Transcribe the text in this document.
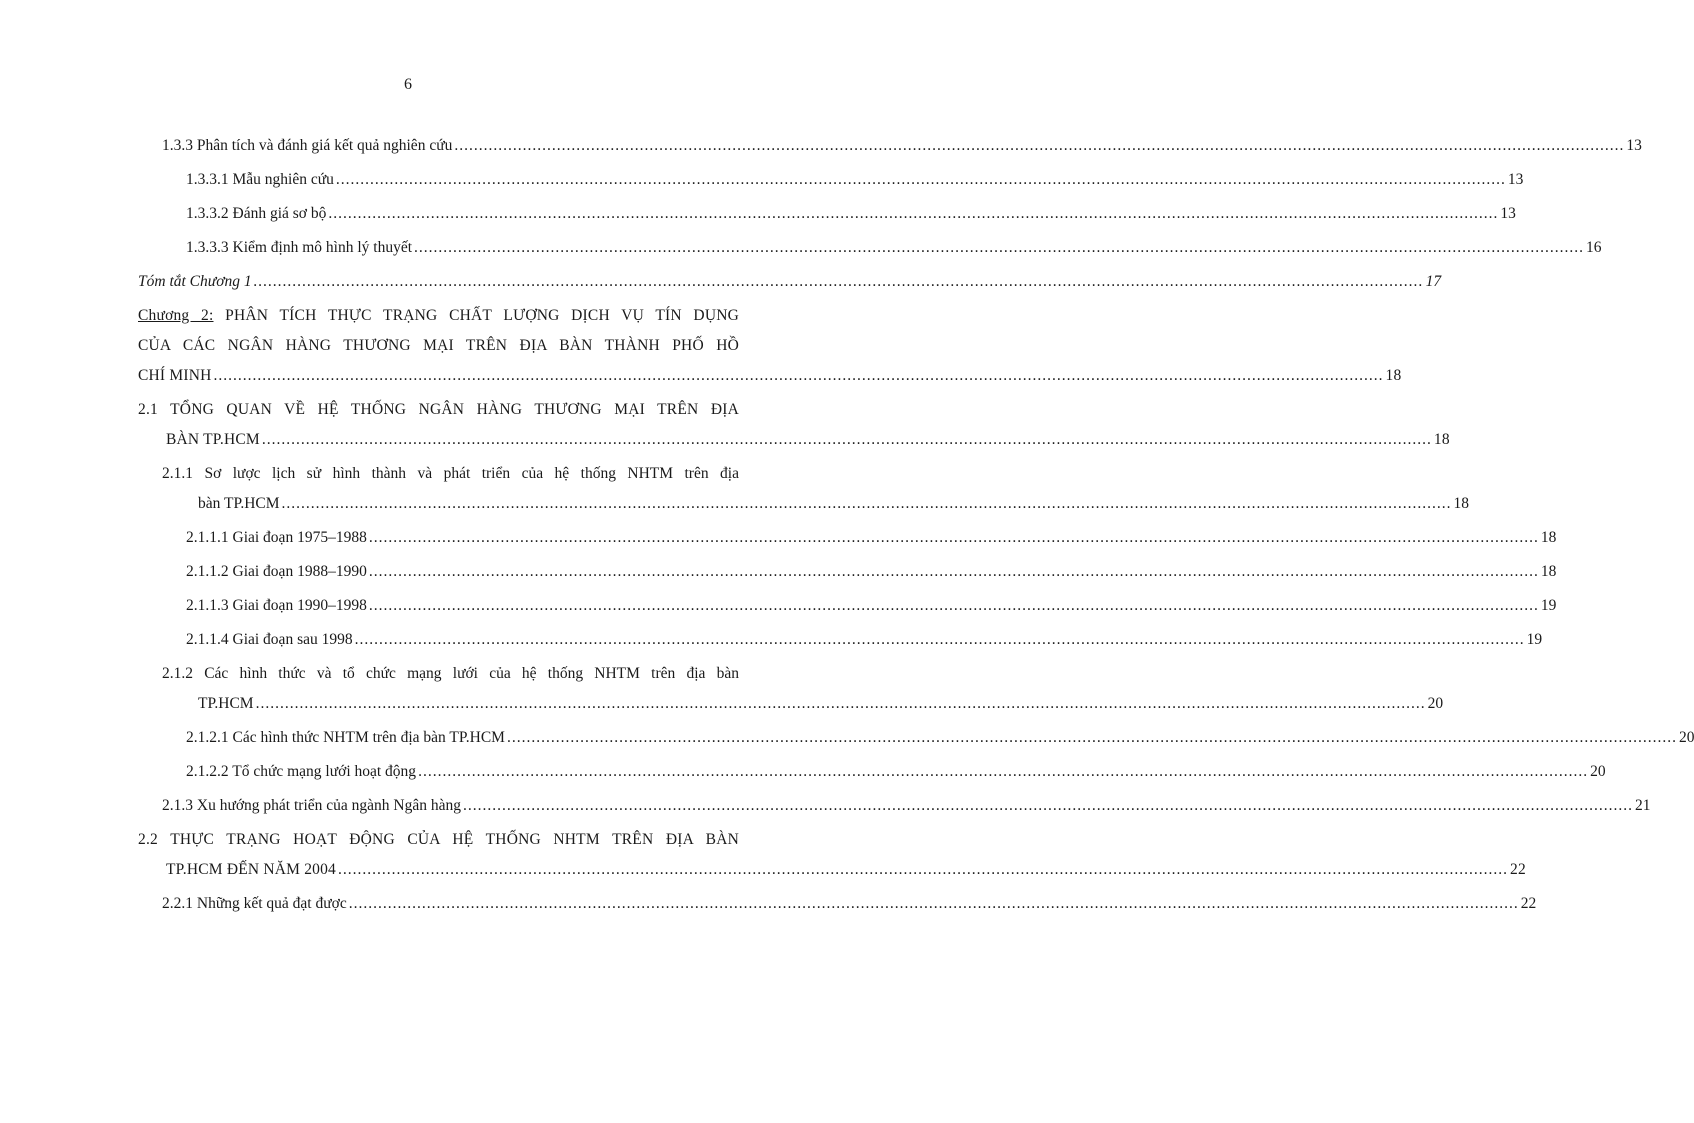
6
1.3.3 Phân tích và đánh giá kết quả nghiên cứu ................................................................................................................................................................................................................................................ 13
1.3.3.1 Mẫu nghiên cứu ................................................................................................................................................................................................................................................ 13
1.3.3.2 Đánh giá sơ bộ ................................................................................................................................................................................................................................................ 13
1.3.3.3 Kiểm định mô hình lý thuyết ................................................................................................................................................................................................................................................ 16
Tóm tắt Chương 1 ................................................................................................................................................................................................................................................ 17
Chương 2: PHÂN TÍCH THỰC TRẠNG CHẤT LƯỢNG DỊCH VỤ TÍN DỤNG
CỦA CÁC NGÂN HÀNG THƯƠNG MẠI TRÊN ĐỊA BÀN THÀNH PHỐ HỒ
CHÍ MINH ................................................................................................................................................................................................................................................ 18
2.1 TỔNG QUAN VỀ HỆ THỐNG NGÂN HÀNG THƯƠNG MẠI TRÊN ĐỊA
BÀN TP.HCM ................................................................................................................................................................................................................................................ 18
2.1.1 Sơ lược lịch sử hình thành và phát triển của hệ thống NHTM trên địa
bàn TP.HCM ................................................................................................................................................................................................................................................ 18
2.1.1.1 Giai đoạn 1975–1988 ................................................................................................................................................................................................................................................ 18
2.1.1.2 Giai đoạn 1988–1990 ................................................................................................................................................................................................................................................ 18
2.1.1.3 Giai đoạn 1990–1998 ................................................................................................................................................................................................................................................ 19
2.1.1.4 Giai đoạn sau 1998 ................................................................................................................................................................................................................................................ 19
2.1.2 Các hình thức và tổ chức mạng lưới của hệ thống NHTM trên địa bàn
TP.HCM ................................................................................................................................................................................................................................................ 20
2.1.2.1 Các hình thức NHTM trên địa bàn TP.HCM ................................................................................................................................................................................................................................................ 20
2.1.2.2 Tổ chức mạng lưới hoạt động ................................................................................................................................................................................................................................................ 20
2.1.3 Xu hướng phát triển của ngành Ngân hàng ................................................................................................................................................................................................................................................ 21
2.2 THỰC TRẠNG HOẠT ĐỘNG CỦA HỆ THỐNG NHTM TRÊN ĐỊA BÀN
TP.HCM ĐẾN NĂM 2004 ................................................................................................................................................................................................................................................ 22
2.2.1 Những kết quả đạt được ................................................................................................................................................................................................................................................ 22
